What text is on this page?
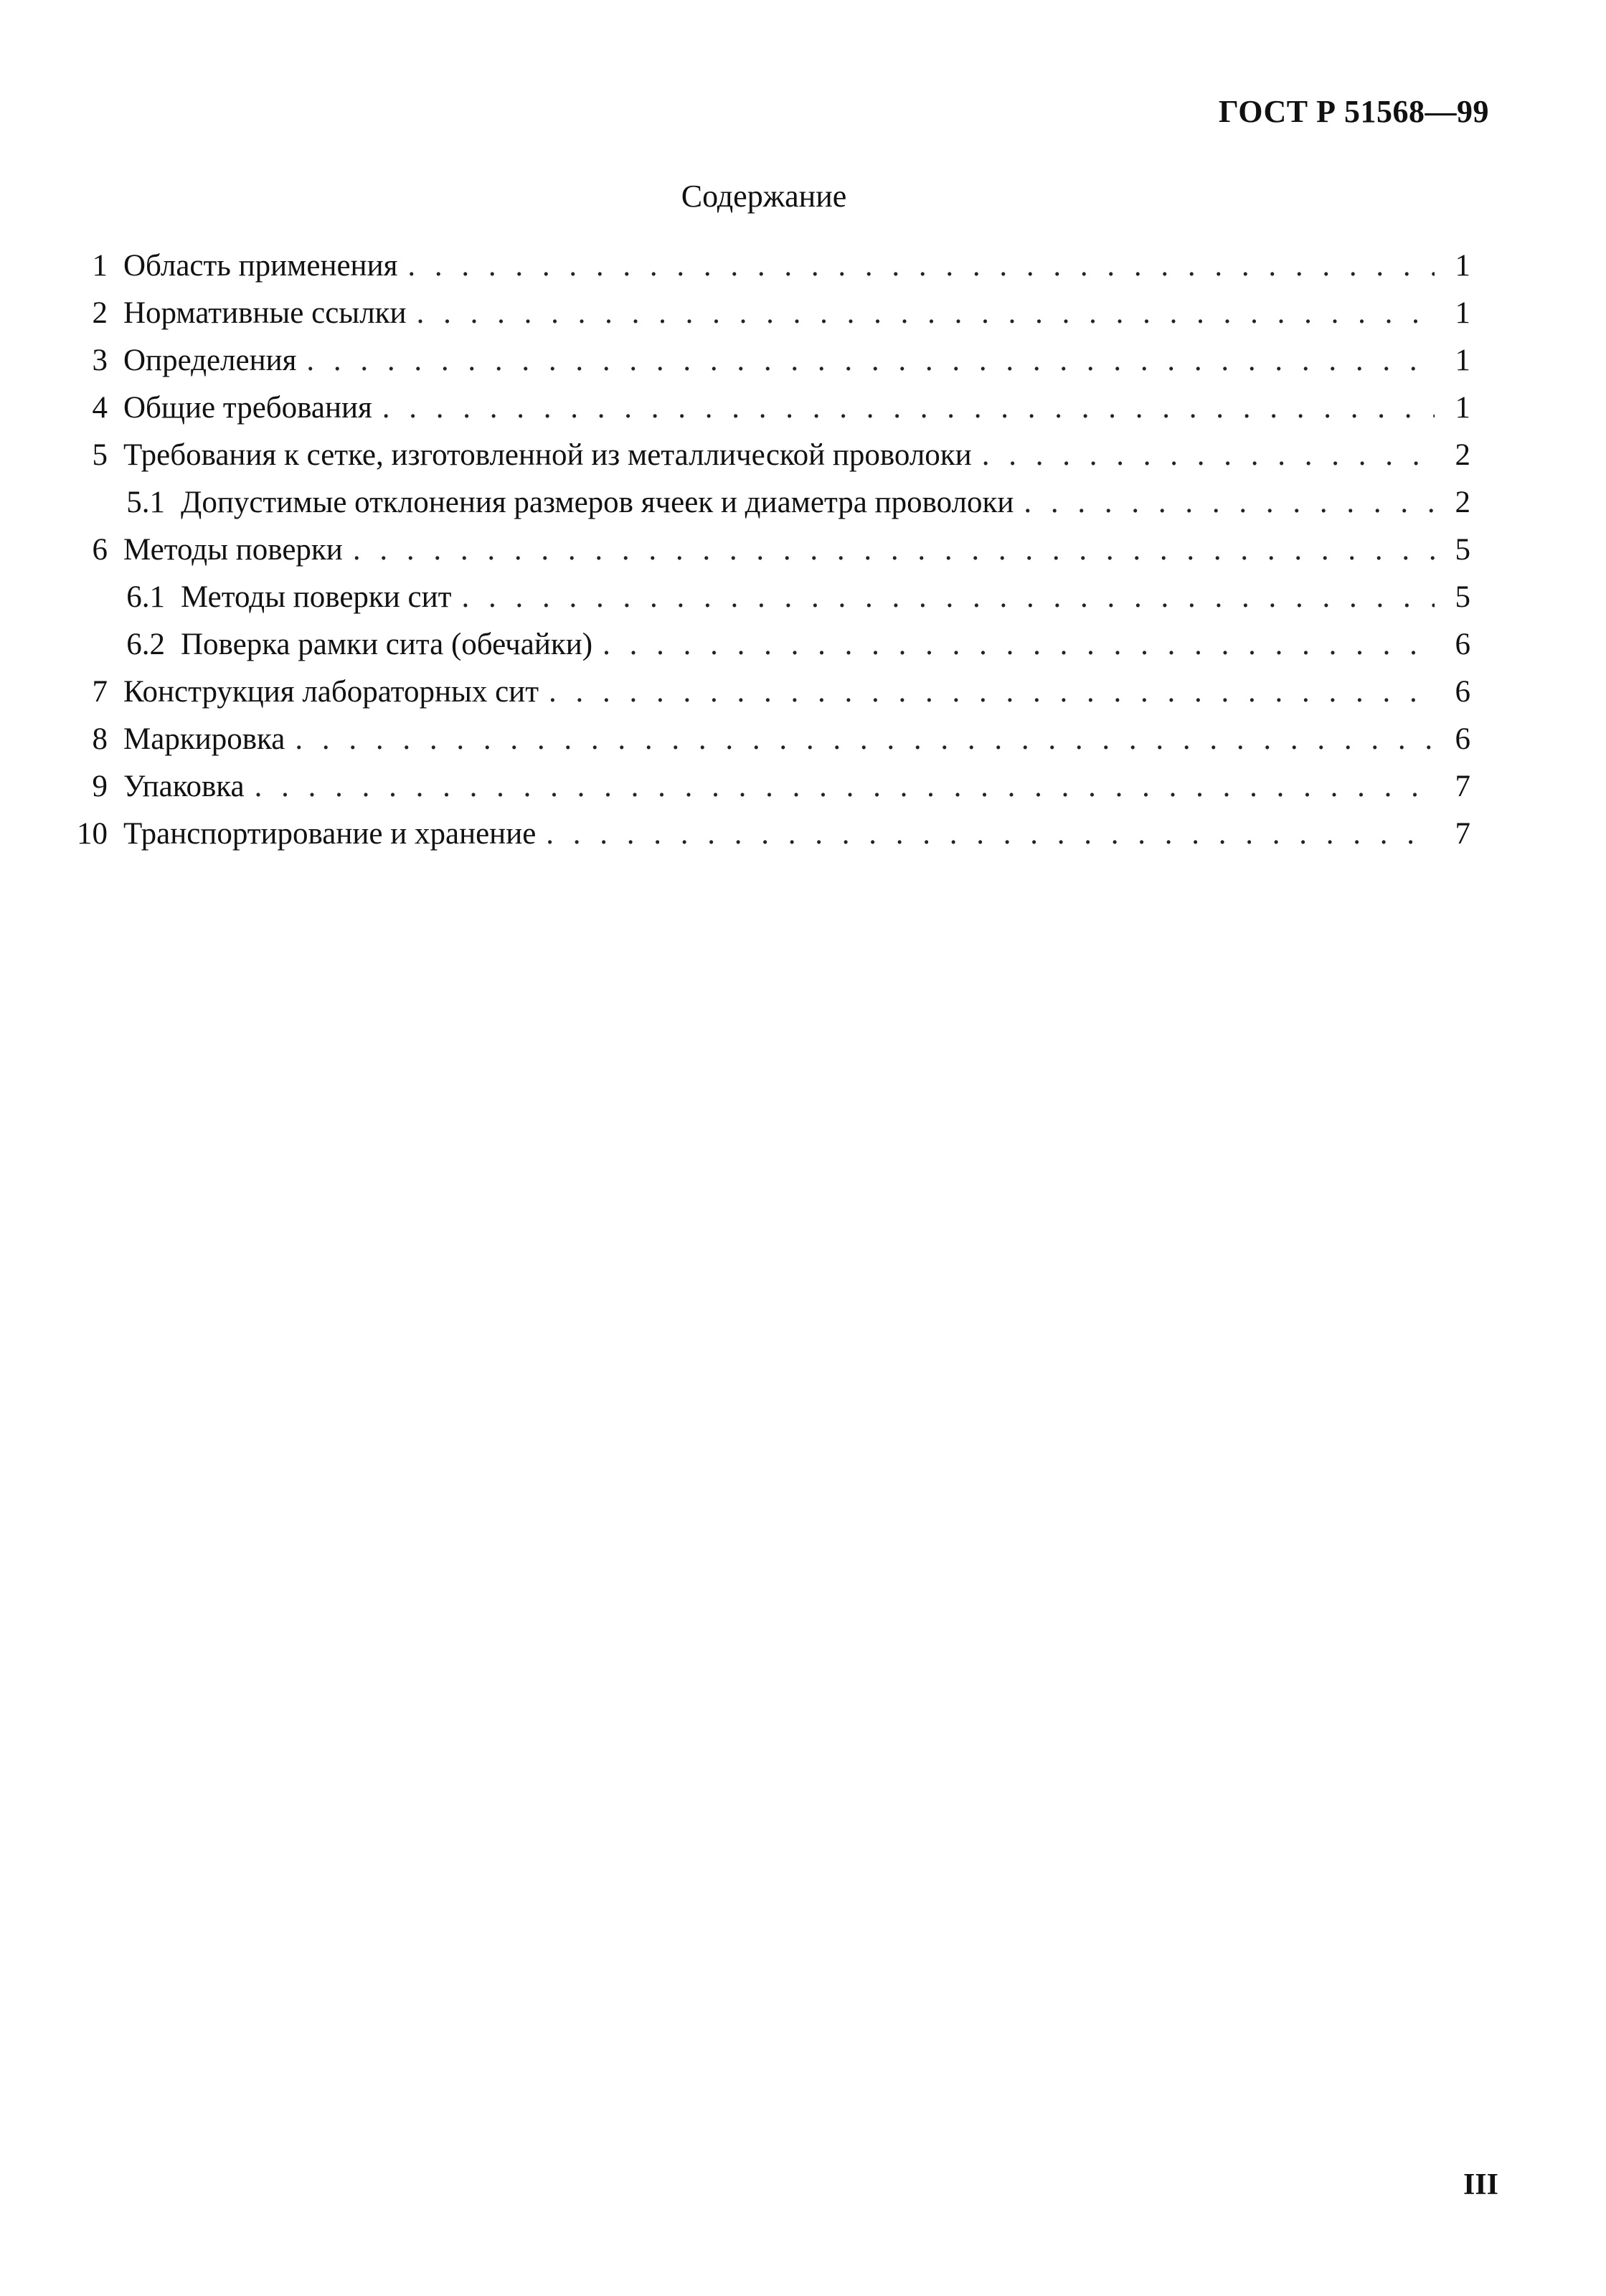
ГОСТ Р 51568—99
Содержание
1 Область применения . . .	1
2 Нормативные ссылки . . .	1
3 Определения . . .	1
4 Общие требования . . .	1
5 Требования к сетке, изготовленной из металлической проволоки . . .	2
5.1 Допустимые отклонения размеров ячеек и диаметра проволоки . . .	2
6 Методы поверки . . .	5
6.1 Методы поверки сит . . .	5
6.2 Поверка рамки сита (обечайки) . . .	6
7 Конструкция лабораторных сит . . .	6
8 Маркировка . . .	6
9 Упаковка . . .	7
10 Транспортирование и хранение . . .	7
III
